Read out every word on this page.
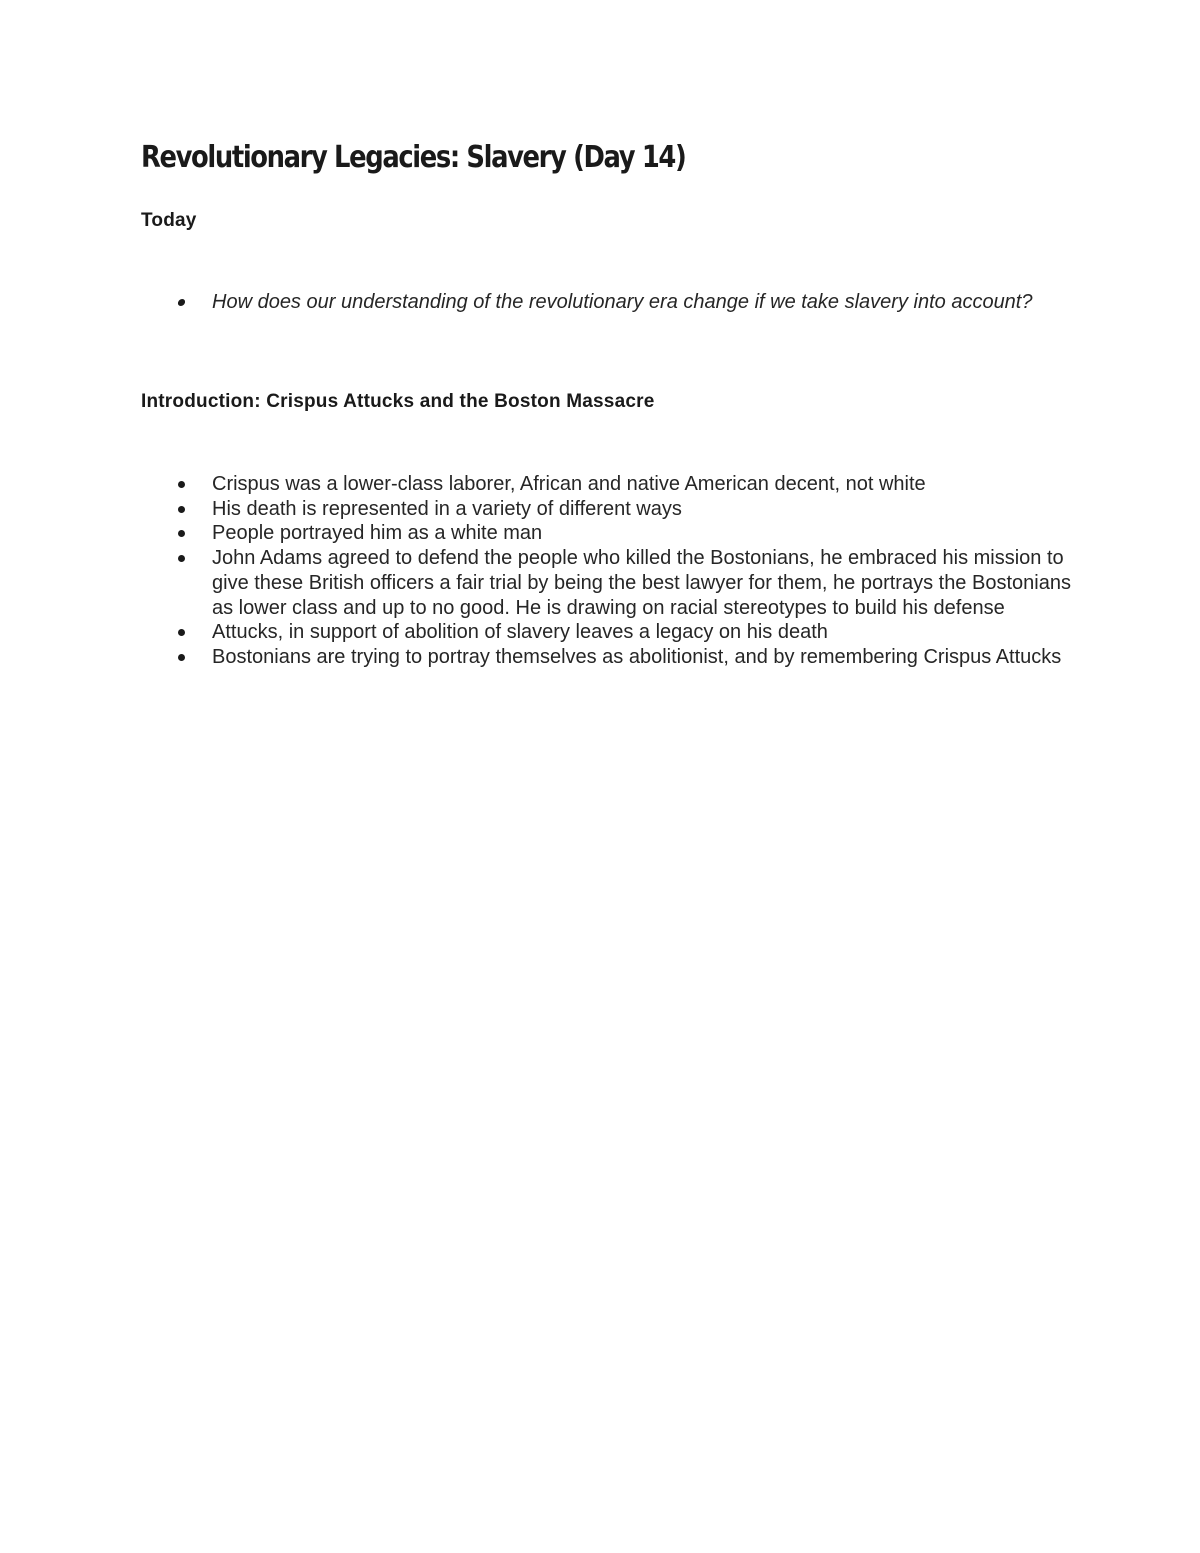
Revolutionary Legacies: Slavery (Day 14)
Today
How does our understanding of the revolutionary era change if we take slavery into account?
Introduction: Crispus Attucks and the Boston Massacre
Crispus was a lower-class laborer, African and native American decent, not white
His death is represented in a variety of different ways
People portrayed him as a white man
John Adams agreed to defend the people who killed the Bostonians, he embraced his mission to give these British officers a fair trial by being the best lawyer for them, he portrays the Bostonians as lower class and up to no good. He is drawing on racial stereotypes to build his defense
Attucks, in support of abolition of slavery leaves a legacy on his death
Bostonians are trying to portray themselves as abolitionist, and by remembering Crispus Attucks
